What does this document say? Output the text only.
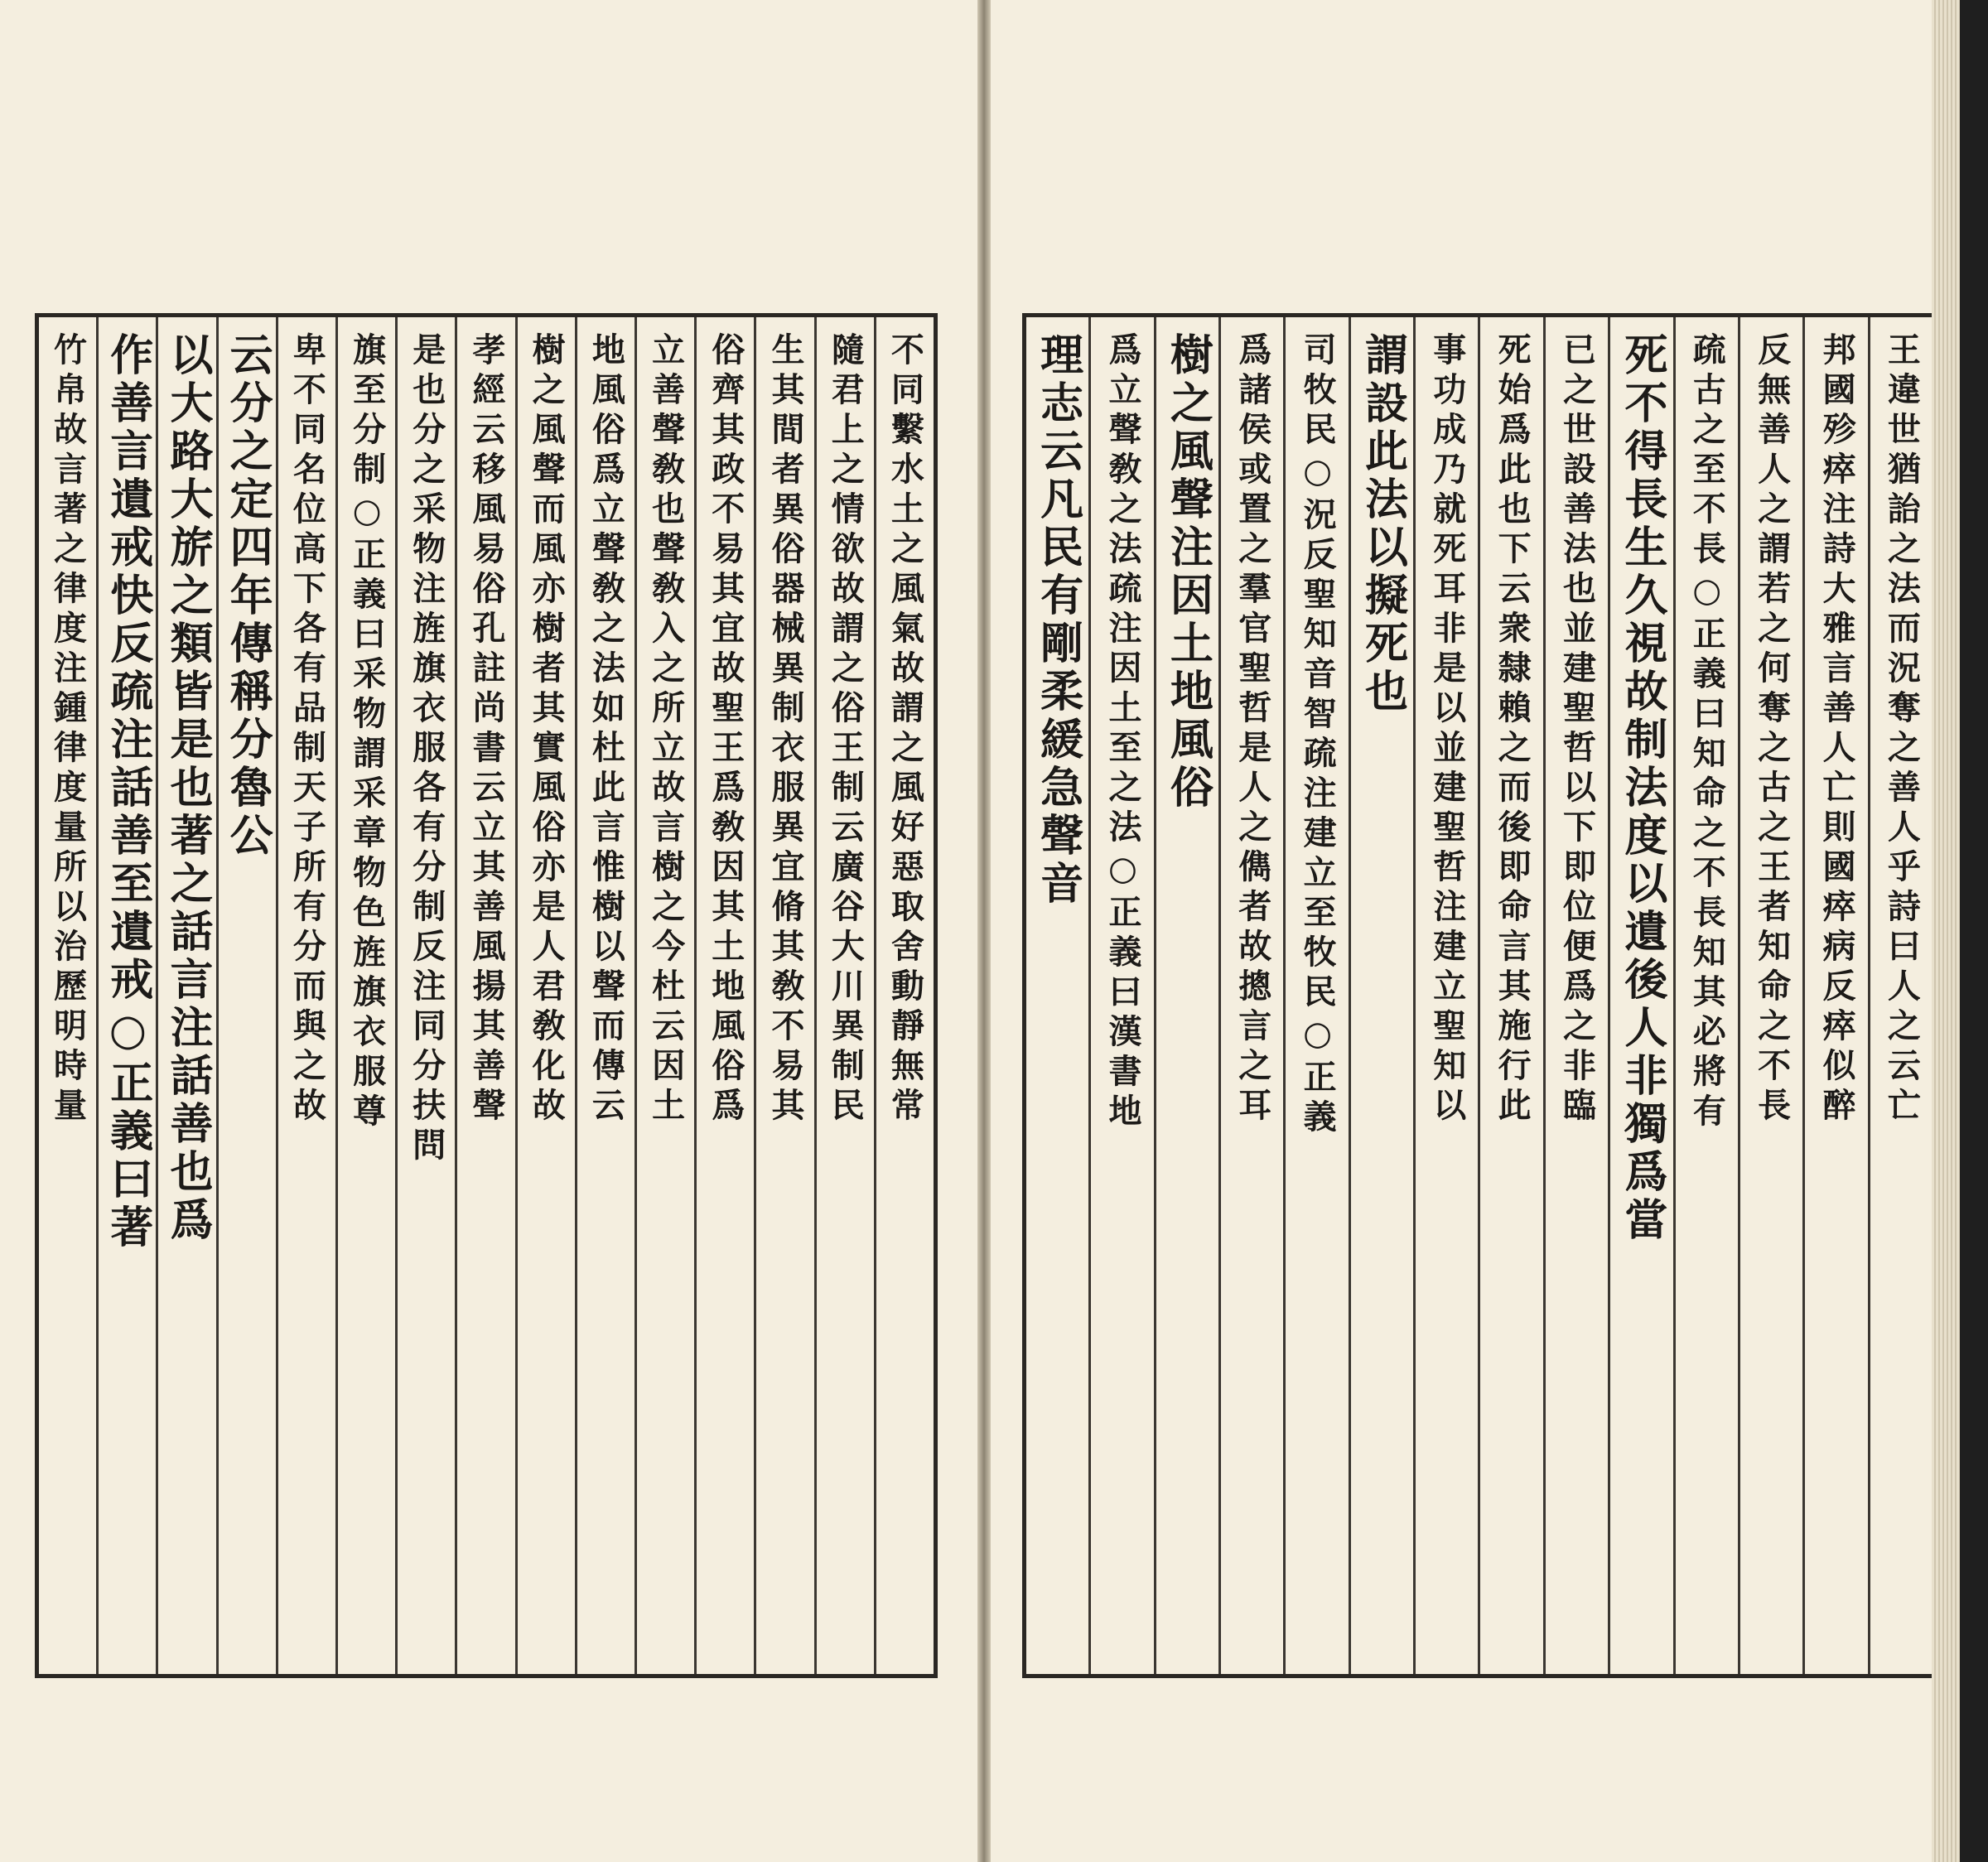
不同繫水土之風氣故謂之風好惡取舍動靜無常
隨君上之情欲故謂之俗王制云廣谷大川異制民
生其間者異俗器械異制衣服異宜脩其敎不易其
俗齊其政不易其宜故聖王爲敎因其土地風俗爲
立善聲敎也聲敎入之所立故言樹之今杜云因土
地風俗爲立聲敎之法如杜此言惟樹以聲而傳云
樹之風聲而風亦樹者其實風俗亦是人君敎化故
孝經云移風易俗孔註尚書云立其善風揚其善聲
是也分之采物注旌旗衣服各有分制反注同分扶問
旗至分制○正義曰采物謂采章物色旌旗衣服尊
卑不同名位高下各有品制天子所有分而與之故
云分之定四年傳稱分魯公
以大路大旂之類皆是也著之話言注話善也爲
作善言遺戒快反疏注話善至遺戒○正義曰著
竹帛故言著之律度注鍾律度量所以治歷明時量	王違世猶詒之法而況奪之善人乎詩曰人之云亡
邦國殄瘁注詩大雅言善人亡則國瘁病反瘁似醉
反無善人之謂若之何奪之古之王者知命之不長
疏古之至不長○正義曰知命之不長知其必將有
死不得長生久視故制法度以遺後人非獨爲當
已之世設善法也並建聖哲以下即位便爲之非臨
死始爲此也下云衆隸賴之而後即命言其施行此
事功成乃就死耳非是以並建聖哲注建立聖知以
謂設此法以擬死也
司牧民○況反聖知音智疏注建立至牧民○正義
爲諸侯或置之羣官聖哲是人之儁者故摠言之耳
樹之風聲注因土地風俗
爲立聲敎之法疏注因土至之法○正義曰漢書地
理志云凡民有剛柔緩急聲音
